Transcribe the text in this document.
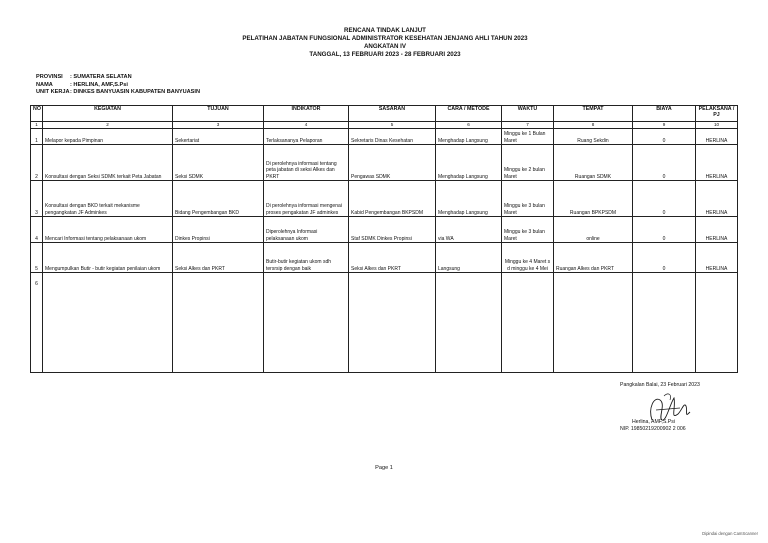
RENCANA TINDAK LANJUT
PELATIHAN JABATAN FUNGSIONAL ADMINISTRATOR KESEHATAN JENJANG AHLI TAHUN 2023
ANGKATAN IV
TANGGAL, 13 FEBRUARI 2023 - 28 FEBRUARI 2023
PROVINSI	: SUMATERA SELATAN
NAMA	: HERLINA, AMF,S.Psi
UNIT KERJA : DINKES BANYUASIN KABUPATEN BANYUASIN
NO	KEGIATAN	TUJUAN	INDIKATOR	SASARAN	CARA / METODE	WAKTU	TEMPAT	BIAYA	PELAKSANA / PJ
1	2	3	4	5	6	7	8	9	10
1	Melapor kepada Pimpinan	Sekertariat	Terlaksananya Pelaporan	Sekretaris Dinas Kesehatan	Menghadap Langsung	Minggu ke 1 Bulan Maret	Ruang Sekdin	0	HERLINA
2	Konsultasi dengan Seksi SDMK terkait Peta Jabatan	Seksi SDMK	Di perolehnya informasi tentang peta jabatan di seksi Alkes dan PKRT	Pengawas SDMK	Menghadap Langsung	Minggu ke 2 bulan Maret	Ruangan SDMK	0	HERLINA
3	Konsultasi dengan BKD terkait mekanisme pengangkatan JF Adminkes	Bidang Pengembangan BKD	Di perolehnya informasi mengenai proses pengakatan JF adminkes	Kabid Pengembangan BKPSDM	Menghadap Langsung	Minggu ke 3 bulan Maret	Ruangan BPKPSDM	0	HERLINA
4	Mencari Informasi tentang pelaksanaan ukom	Dinkes Propinsi	Diperolehnya Informasi pelaksanaan ukom	Staf SDMK Dinkes Propinsi	via WA	Minggu ke 3 bulan Maret	online	0	HERLINA
5	Mengumpulkan Butir - butir kegiatan penilaian ukom	Seksi Alkes dan PKRT	Butir-butir kegiatan ukom sdh tersrsip dengan baik	Seksi Alkes dan PKRT	Langsung	Minggu ke 4 Maret s d minggu ke 4 Mei	Ruangan Alkes dan PKRT	0	HERLINA
6									
Pangkalan Balai, 23 Februari 2023
Herlina, AMF,S.Psi
NIP. 19850219200902 2 006
Page 1
Dipindai dengan CamScanner
